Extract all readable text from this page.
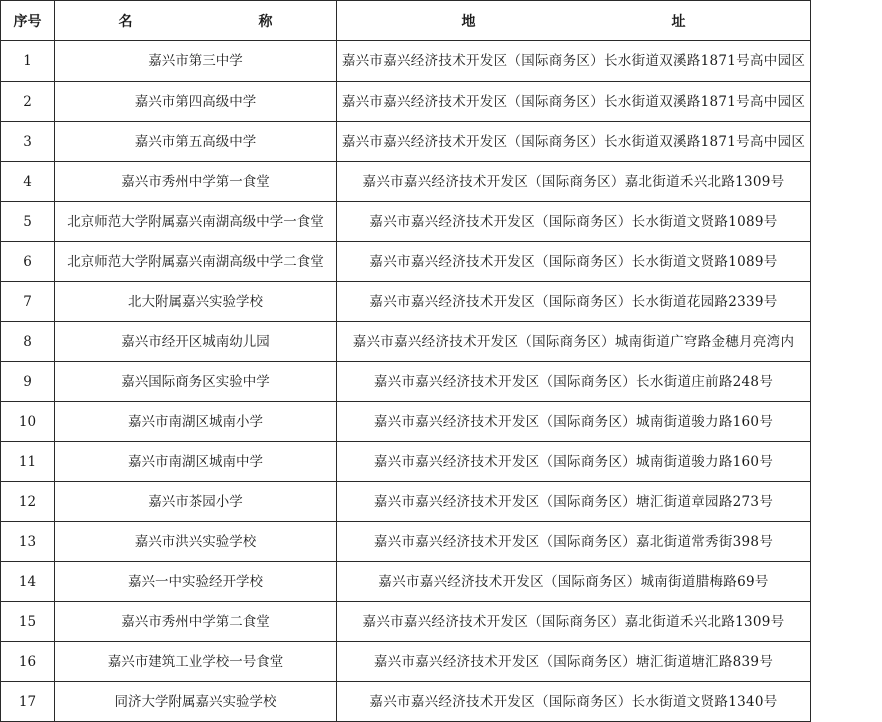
序号	名称	地址

1	嘉兴市第三中学	嘉兴市嘉兴经济技术开发区（国际商务区）长水街道双溪路1871号高中园区
2	嘉兴市第四高级中学	嘉兴市嘉兴经济技术开发区（国际商务区）长水街道双溪路1871号高中园区
3	嘉兴市第五高级中学	嘉兴市嘉兴经济技术开发区（国际商务区）长水街道双溪路1871号高中园区
4	嘉兴市秀州中学第一食堂	嘉兴市嘉兴经济技术开发区（国际商务区）嘉北街道禾兴北路1309号
5	北京师范大学附属嘉兴南湖高级中学一食堂	嘉兴市嘉兴经济技术开发区（国际商务区）长水街道文贤路1089号
6	北京师范大学附属嘉兴南湖高级中学二食堂	嘉兴市嘉兴经济技术开发区（国际商务区）长水街道文贤路1089号
7	北大附属嘉兴实验学校	嘉兴市嘉兴经济技术开发区（国际商务区）长水街道花园路2339号
8	嘉兴市经开区城南幼儿园	嘉兴市嘉兴经济技术开发区（国际商务区）城南街道广穹路金穗月亮湾内
9	嘉兴国际商务区实验中学	嘉兴市嘉兴经济技术开发区（国际商务区）长水街道庄前路248号
10	嘉兴市南湖区城南小学	嘉兴市嘉兴经济技术开发区（国际商务区）城南街道骏力路160号
11	嘉兴市南湖区城南中学	嘉兴市嘉兴经济技术开发区（国际商务区）城南街道骏力路160号
12	嘉兴市茶园小学	嘉兴市嘉兴经济技术开发区（国际商务区）塘汇街道章园路273号
13	嘉兴市洪兴实验学校	嘉兴市嘉兴经济技术开发区（国际商务区）嘉北街道常秀街398号
14	嘉兴一中实验经开学校	嘉兴市嘉兴经济技术开发区（国际商务区）城南街道腊梅路69号
15	嘉兴市秀州中学第二食堂	嘉兴市嘉兴经济技术开发区（国际商务区）嘉北街道禾兴北路1309号
16	嘉兴市建筑工业学校一号食堂	嘉兴市嘉兴经济技术开发区（国际商务区）塘汇街道塘汇路839号
17	同济大学附属嘉兴实验学校	嘉兴市嘉兴经济技术开发区（国际商务区）长水街道文贤路1340号
